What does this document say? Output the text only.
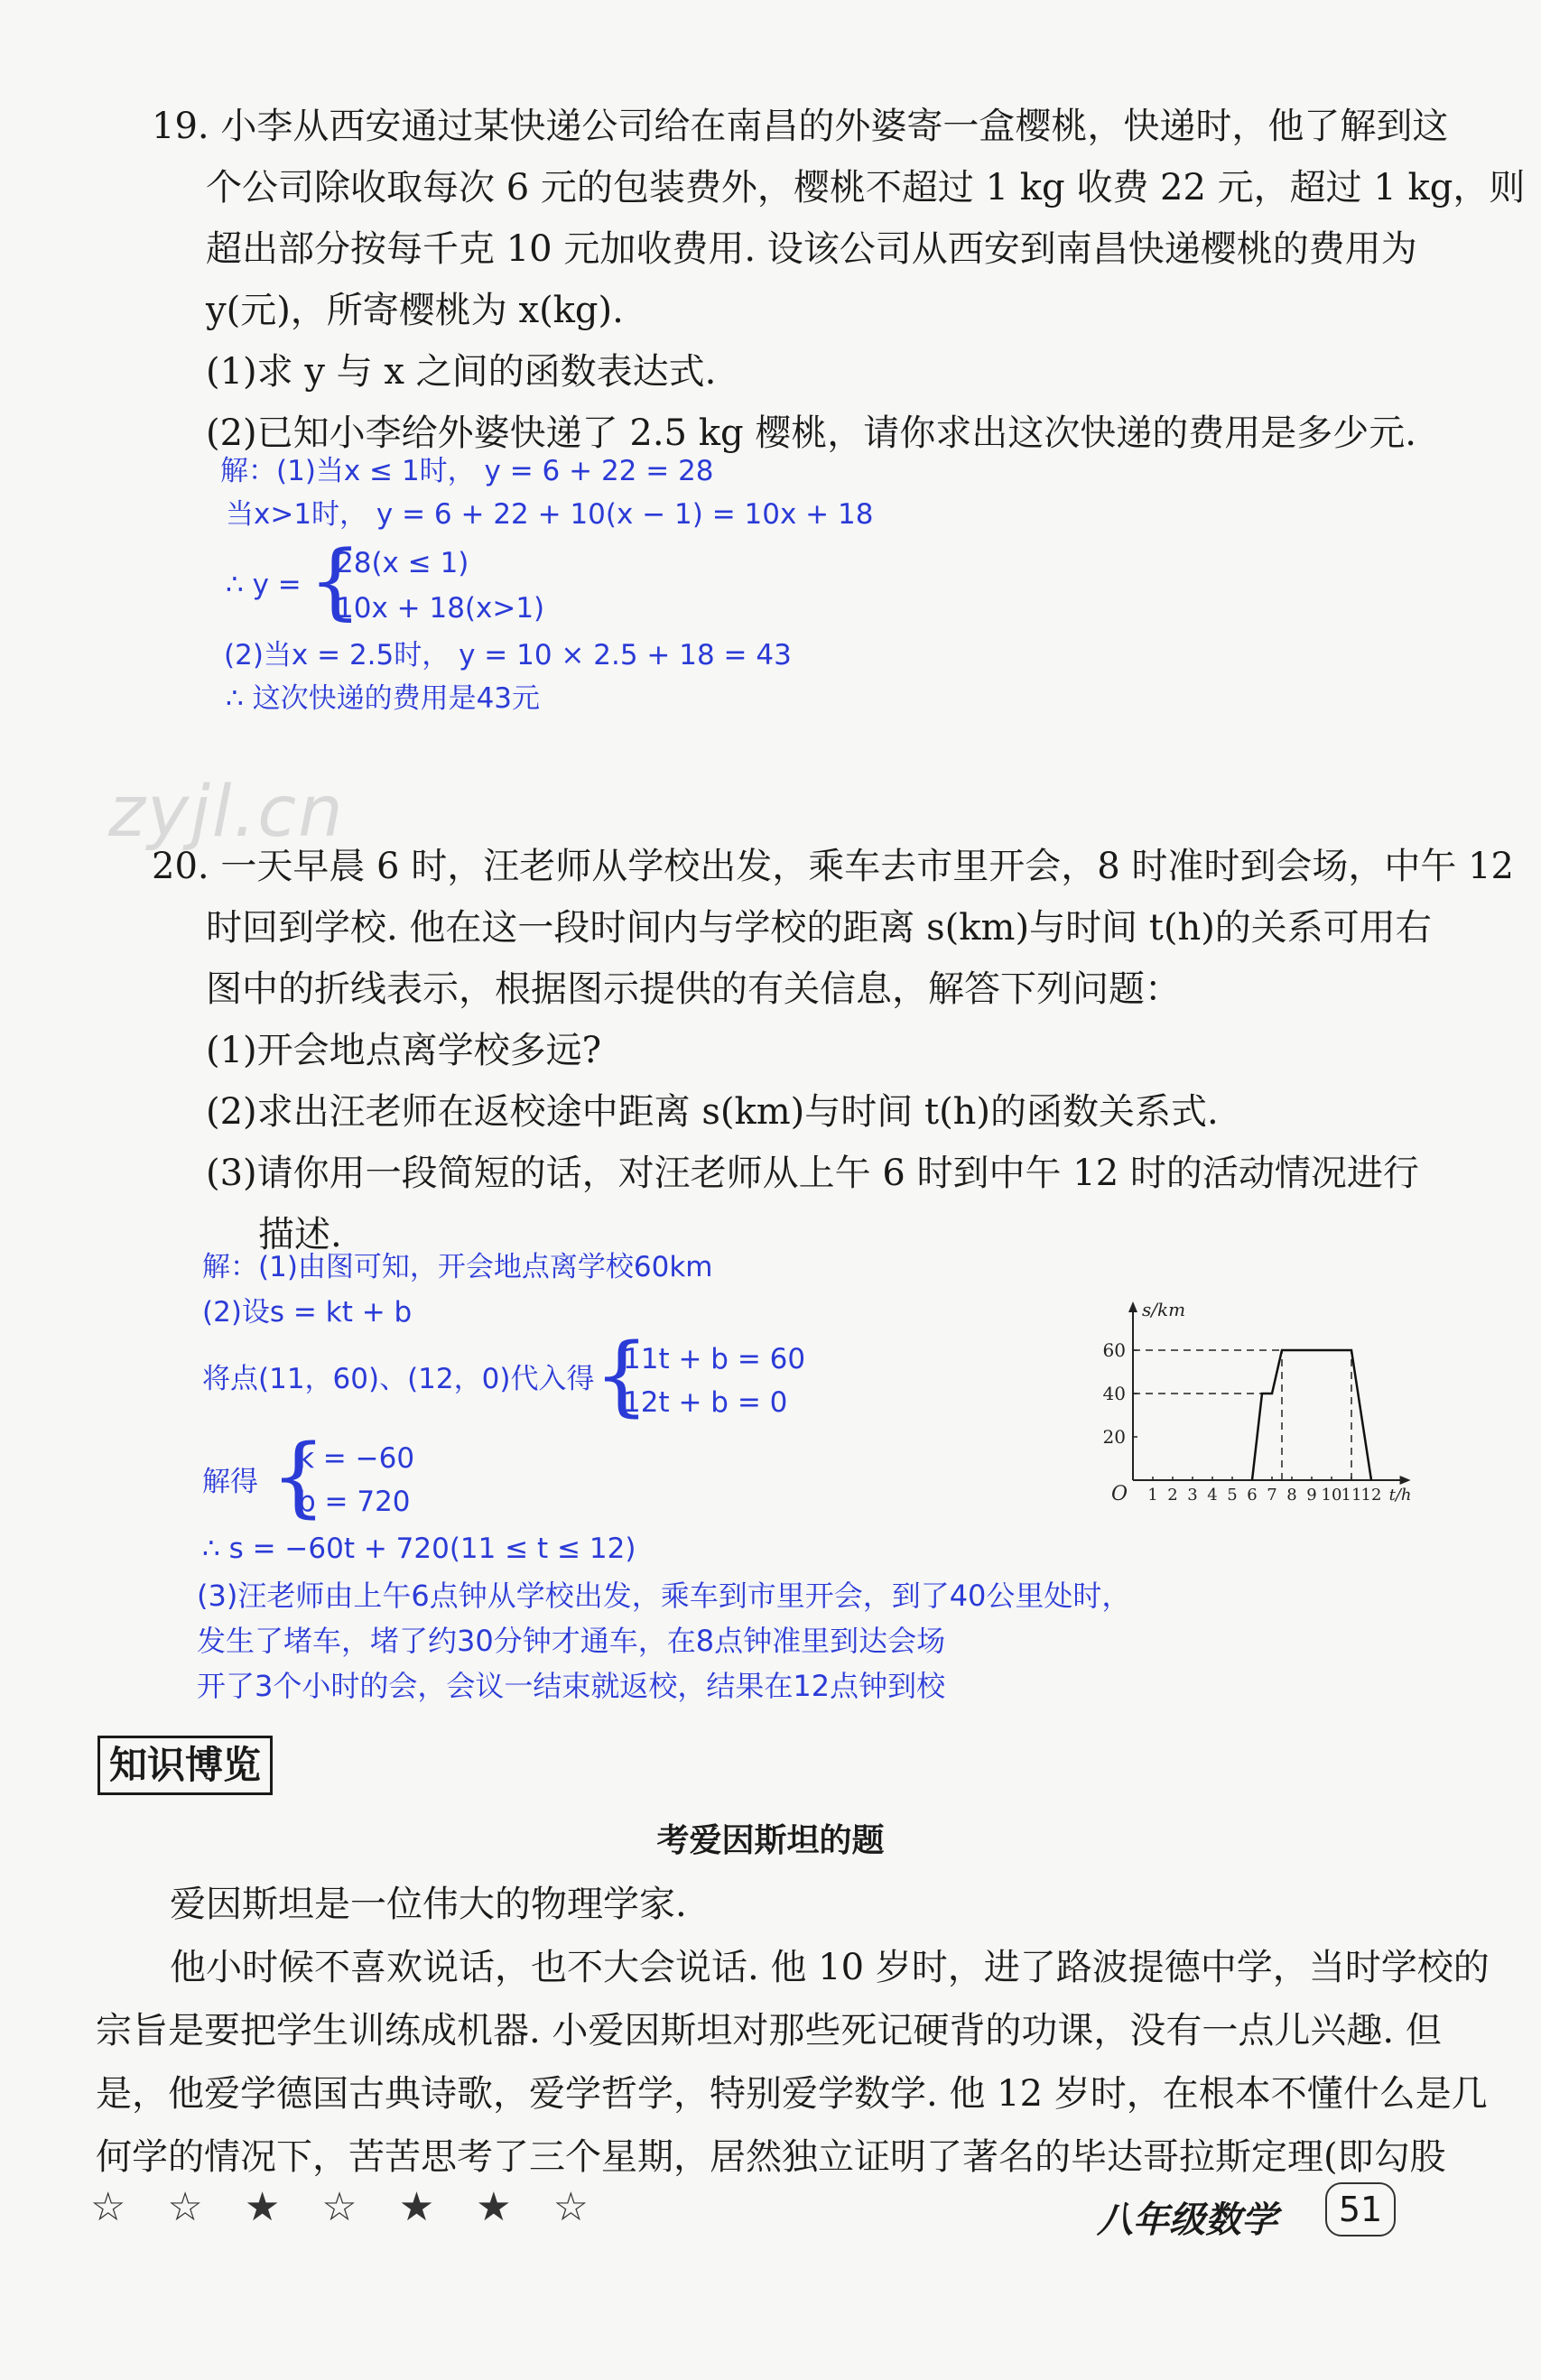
zyjl.cn
19. 小李从西安通过某快递公司给在南昌的外婆寄一盒樱桃，快递时，他了解到这
个公司除收取每次 6 元的包装费外，樱桃不超过 1 kg 收费 22 元，超过 1 kg，则
超出部分按每千克 10 元加收费用. 设该公司从西安到南昌快递樱桃的费用为
y(元)，所寄樱桃为 x(kg).
(1)求 y 与 x 之间的函数表达式.
(2)已知小李给外婆快递了 2.5 kg 樱桃，请你求出这次快递的费用是多少元.
解：(1)当x ≤ 1时， y = 6 + 22 = 28
当x>1时， y = 6 + 22 + 10(x − 1) = 10x + 18
∴ y = {
28(x ≤ 1)
10x + 18(x>1)
(2)当x = 2.5时， y = 10 × 2.5 + 18 = 43
∴ 这次快递的费用是43元
20. 一天早晨 6 时，汪老师从学校出发，乘车去市里开会，8 时准时到会场，中午 12
时回到学校. 他在这一段时间内与学校的距离 s(km)与时间 t(h)的关系可用右
图中的折线表示，根据图示提供的有关信息，解答下列问题：
(1)开会地点离学校多远?
(2)求出汪老师在返校途中距离 s(km)与时间 t(h)的函数关系式.
(3)请你用一段简短的话，对汪老师从上午 6 时到中午 12 时的活动情况进行
描述.
解：(1)由图可知，开会地点离学校60km
(2)设s = kt + b
将点(11，60)、(12，0)代入得 {
11t + b = 60
12t + b = 0
解得 {
k = −60
b = 720
∴ s = −60t + 720(11 ≤ t ≤ 12)
(3)汪老师由上午6点钟从学校出发，乘车到市里开会，到了40公里处时，
发生了堵车，堵了约30分钟才通车，在8点钟准里到达会场
开了3个小时的会，会议一结束就返校，结果在12点钟到校
s/km
t/h
O 1 2 3 4 5 6 7 8 9 10 11 12
20
40
60
知识博览
考爱因斯坦的题
爱因斯坦是一位伟大的物理学家.
他小时候不喜欢说话，也不大会说话. 他 10 岁时，进了路波提德中学，当时学校的
宗旨是要把学生训练成机器. 小爱因斯坦对那些死记硬背的功课，没有一点儿兴趣. 但
是，他爱学德国古典诗歌，爱学哲学，特别爱学数学. 他 12 岁时，在根本不懂什么是几
何学的情况下，苦苦思考了三个星期，居然独立证明了著名的毕达哥拉斯定理(即勾股
☆ ☆ ★ ☆ ★ ★ ☆	八年级数学	51
